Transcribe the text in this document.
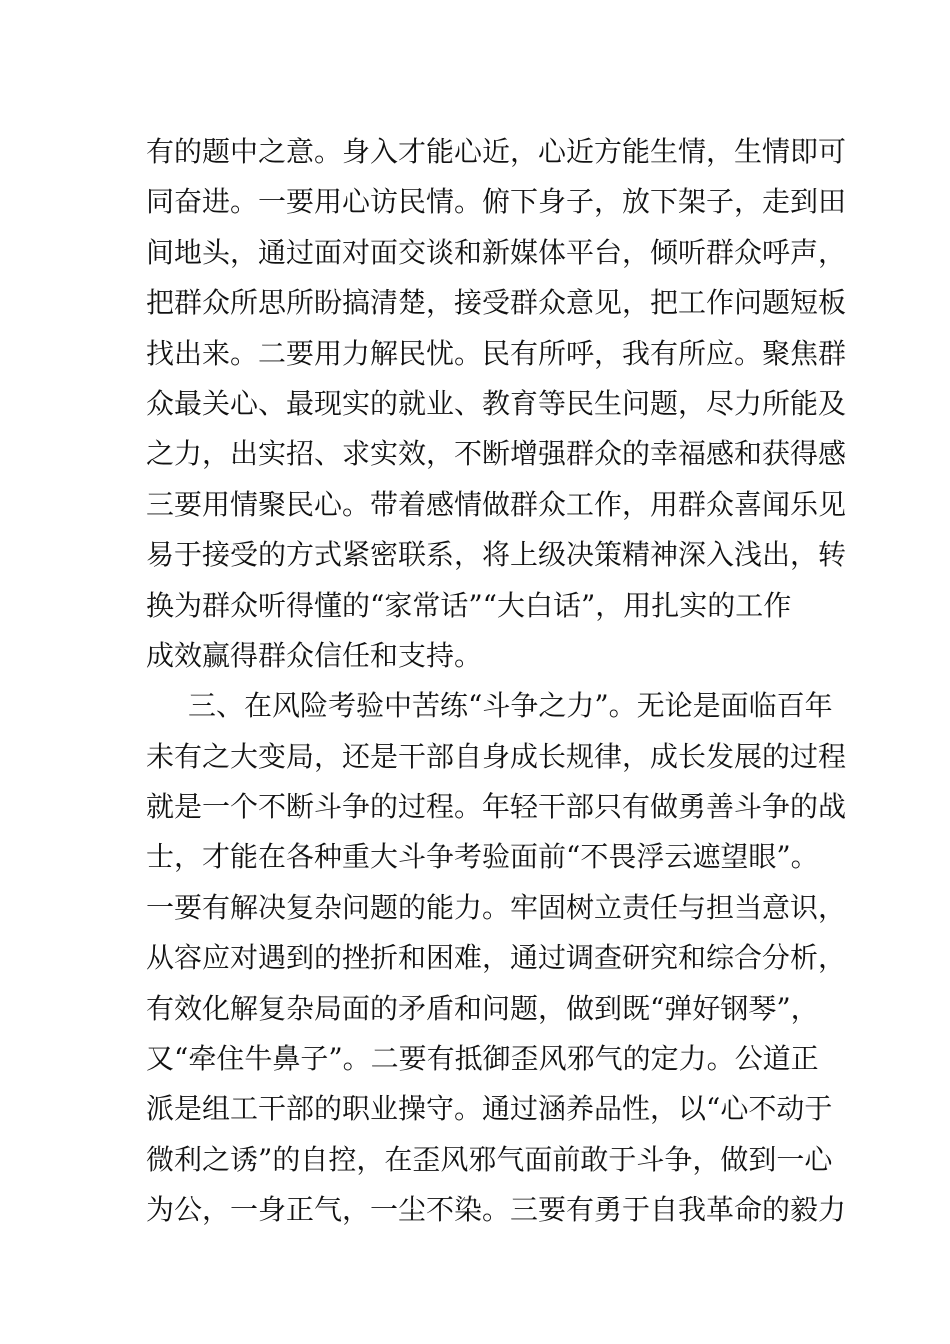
有的题中之意。身入才能心近，心近方能生情，生情即可
同奋进。一要用心访民情。俯下身子，放下架子，走到田
间地头，通过面对面交谈和新媒体平台，倾听群众呼声，
把群众所思所盼搞清楚，接受群众意见，把工作问题短板
找出来。二要用力解民忧。民有所呼，我有所应。聚焦群
众最关心、最现实的就业、教育等民生问题，尽力所能及
之力，出实招、求实效，不断增强群众的幸福感和获得感
三要用情聚民心。带着感情做群众工作，用群众喜闻乐见
易于接受的方式紧密联系，将上级决策精神深入浅出，转
换为群众听得懂的“家常话”“大白话”，用扎实的工作
成效赢得群众信任和支持。
三、在风险考验中苦练“斗争之力”。无论是面临百年
未有之大变局，还是干部自身成长规律，成长发展的过程
就是一个不断斗争的过程。年轻干部只有做勇善斗争的战
士，才能在各种重大斗争考验面前“不畏浮云遮望眼”。
一要有解决复杂问题的能力。牢固树立责任与担当意识，
从容应对遇到的挫折和困难，通过调查研究和综合分析，
有效化解复杂局面的矛盾和问题，做到既“弹好钢琴”，
又“牵住牛鼻子”。二要有抵御歪风邪气的定力。公道正
派是组工干部的职业操守。通过涵养品性，以“心不动于
微利之诱”的自控，在歪风邪气面前敢于斗争，做到一心
为公，一身正气，一尘不染。三要有勇于自我革命的毅力
